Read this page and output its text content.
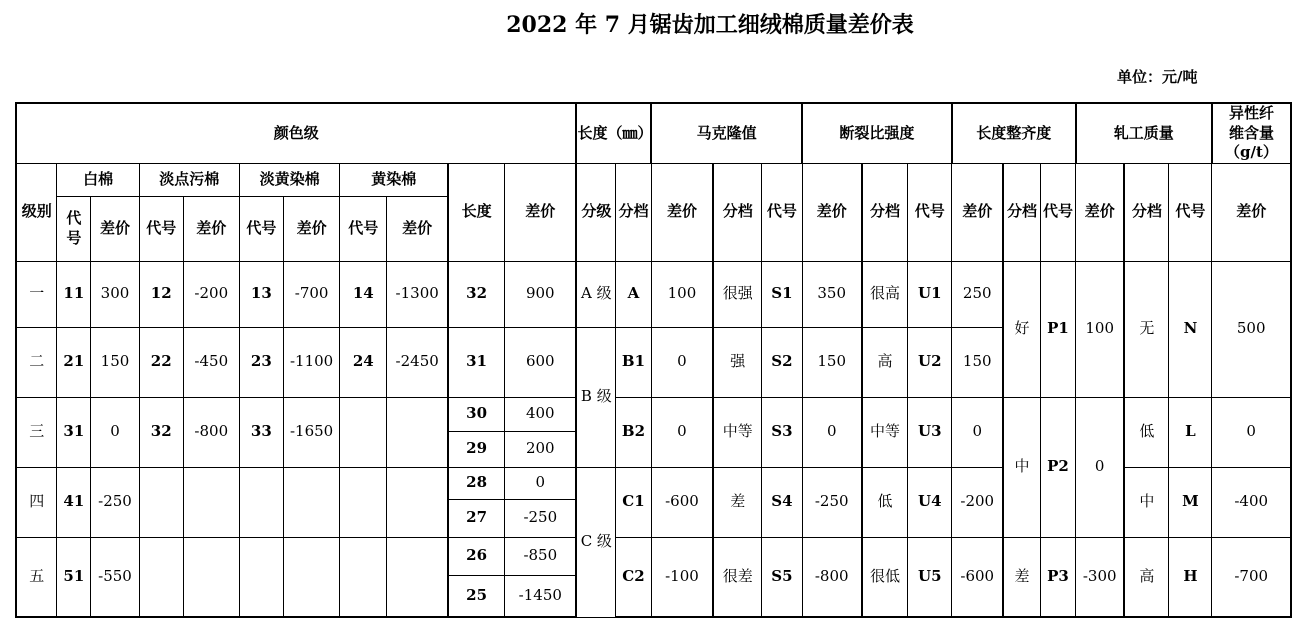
2022 年 7 月锯齿加工细绒棉质量差价表
单位：元/吨
颜色级											长度（㎜）		马克隆值			断裂比强度			长度整齐度			轧工质量			异性纤维含量（g/t）
级别	白棉		淡点污棉		淡黄染棉		黄染棉		长度	差价	分级	分档	差价	分档	代号	差价	分档	代号	差价	分档	代号	差价	分档	代号	差价
	代号	差价	代号	差价	代号	差价	代号	差价																	
一	11	300	12	-200	13	-700	14	-1300	32	900	A 级	A	100	很强	S1	350	很高	U1	250	好	P1	100	无	N	500
二	21	150	22	-450	23	-1100	24	-2450	31	600	B 级	B1	0	强	S2	150	高	U2	150						
三	31	0	32	-800	33	-1650			30	400		B2	0	中等	S3	0	中等	U3	0	中	P2	0	低	L	0
									29	200															
四	41	-250							28	0	C 级	C1	-600	差	S4	-250	低	U4	-200				中	M	-400
									27	-250															
五	51	-550							26	-850		C2	-100	很差	S5	-800	很低	U5	-600	差	P3	-300	高	H	-700
									25	-1450															
